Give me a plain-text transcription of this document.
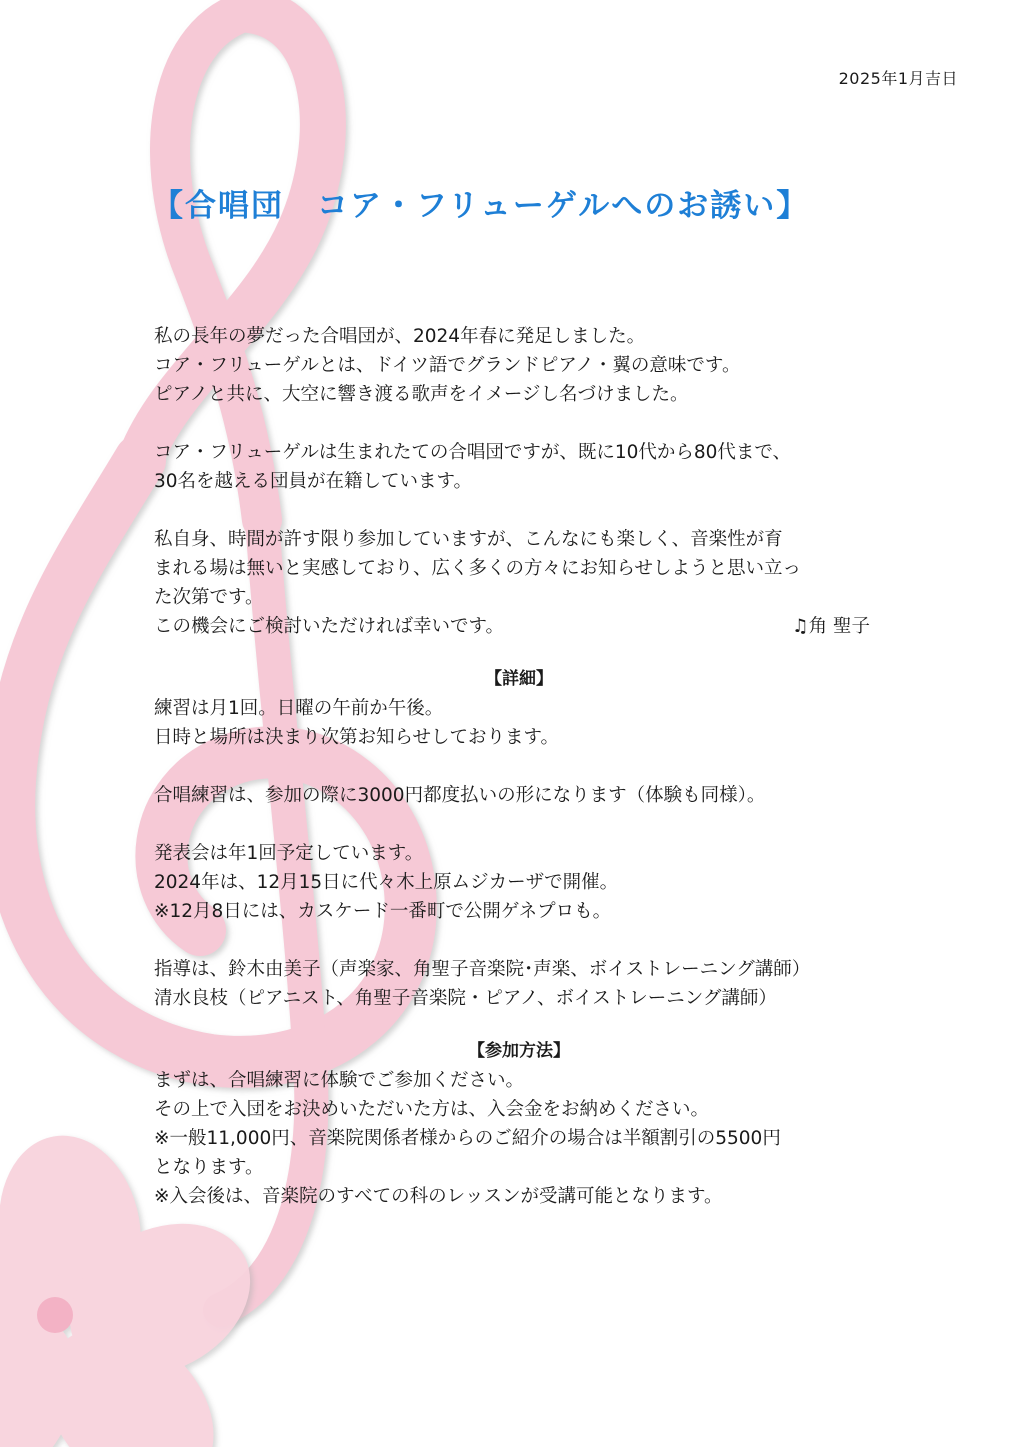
2025年1月吉日
【合唱団　コア・フリューゲルへのお誘い】
私の長年の夢だった合唱団が、2024年春に発足しました。
コア・フリューゲルとは、ドイツ語でグランドピアノ・翼の意味です。
ピアノと共に、大空に響き渡る歌声をイメージし名づけました。
コア・フリューゲルは生まれたての合唱団ですが、既に10代から80代まで、
30名を越える団員が在籍しています。
私自身、時間が許す限り参加していますが、こんなにも楽しく、音楽性が育
まれる場は無いと実感しており、広く多くの方々にお知らせしようと思い立っ
た次第です。
この機会にご検討いただければ幸いです。	♫角 聖子
【詳細】
練習は月1回。日曜の午前か午後。
日時と場所は決まり次第お知らせしております。
合唱練習は、参加の際に3000円都度払いの形になります（体験も同様）。
発表会は年1回予定しています。
2024年は、12月15日に代々木上原ムジカーザで開催。
※12月8日には、カスケード一番町で公開ゲネプロも。
指導は、鈴木由美子（声楽家、角聖子音楽院･声楽、ボイストレーニング講師）
清水良枝（ピアニスト、角聖子音楽院・ピアノ、ボイストレーニング講師）
【参加方法】
まずは、合唱練習に体験でご参加ください。
その上で入団をお決めいただいた方は、入会金をお納めください。
※一般11,000円、音楽院関係者様からのご紹介の場合は半額割引の5500円
となります。
※入会後は、音楽院のすべての科のレッスンが受講可能となります。
